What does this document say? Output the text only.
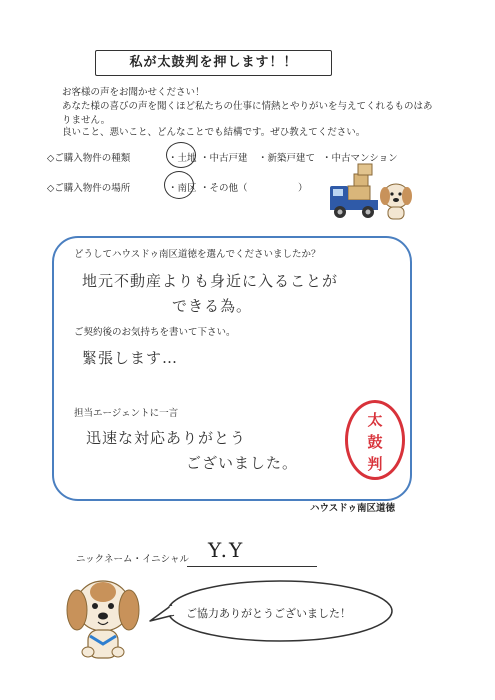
私が太鼓判を押します！！
お客様の声をお聞かせください！
あなた様の喜びの声を聞くほど私たちの仕事に情熱とやりがいを与えてくれるものはあ
りません。
良いこと、悪いこと、どんなことでも結構です。ぜひ教えてください。
◇ご購入物件の種類	・土地 ・中古戸建 ・新築戸建て ・中古マンション
◇ご購入物件の場所	・南区 ・その他（	）
どうしてハウスドゥ南区道徳を選んでくださいましたか？
地元不動産よりも身近に入ることが
できる為。
ご契約後のお気持ちを書いて下さい。
緊張します…
担当エージェントに一言
迅速な対応ありがとう
ございました。
太
鼓
判
ハウスドゥ南区道徳
ニックネーム・イニシャル Y.Y
ご協力ありがとうございました！
